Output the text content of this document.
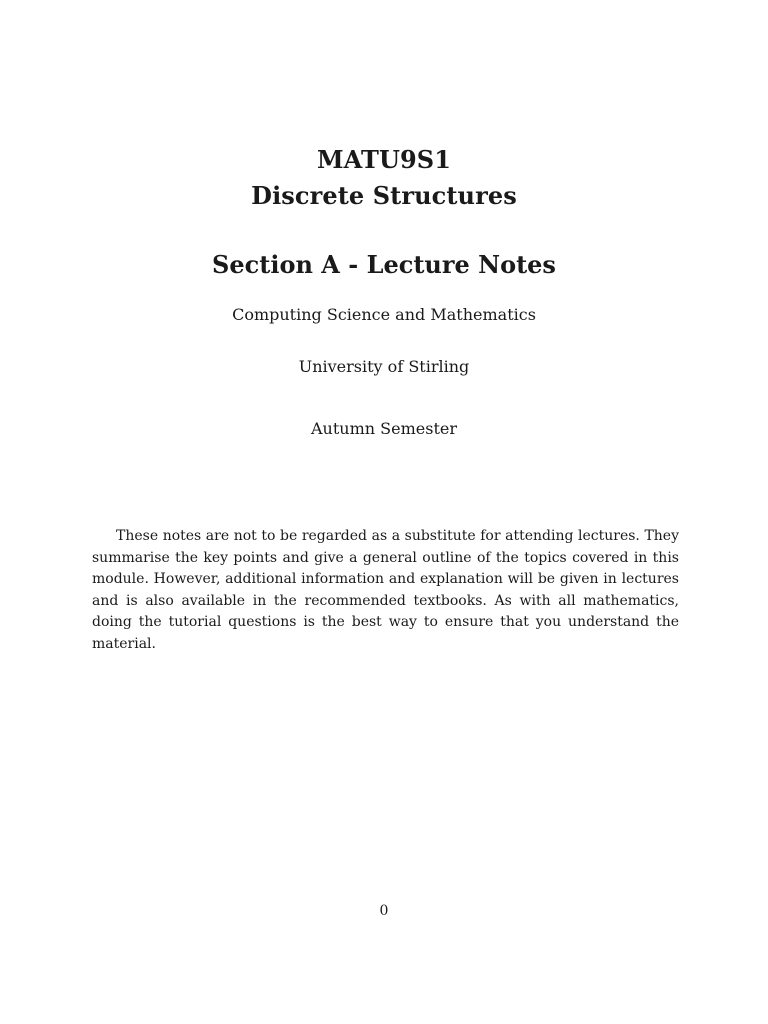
MATU9S1
Discrete Structures
Section A - Lecture Notes
Computing Science and Mathematics
University of Stirling
Autumn Semester

These notes are not to be regarded as a substitute for attending lectures. They summarise the key points and give a general outline of the topics covered in this module. However, additional information and explanation will be given in lectures and is also available in the recommended textbooks. As with all mathematics, doing the tutorial questions is the best way to ensure that you understand the material.

0
